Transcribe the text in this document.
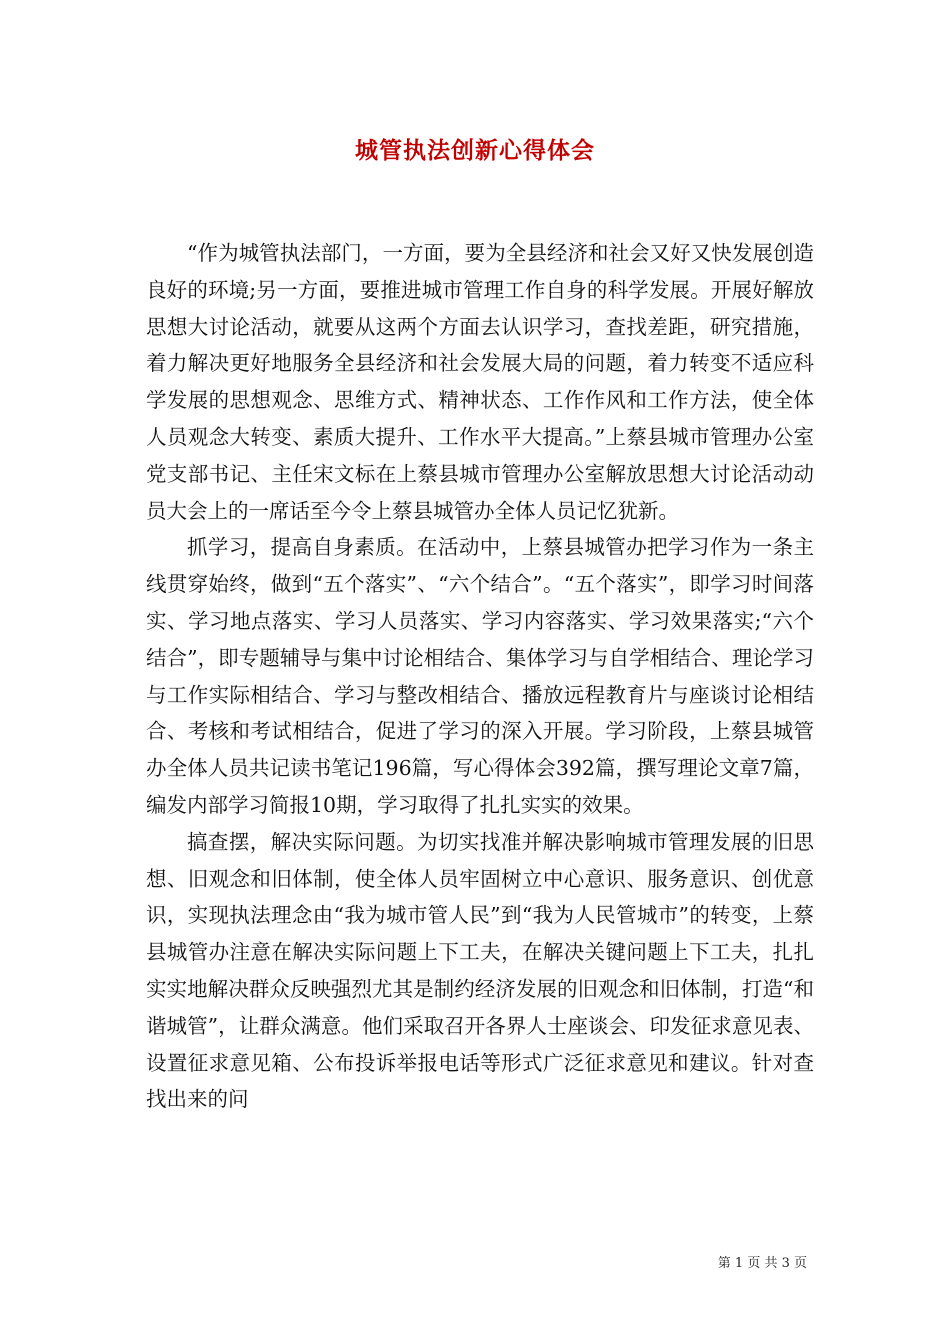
城管执法创新心得体会

“作为城管执法部门，一方面，要为全县经济和社会又好又快发展创造良好的环境;另一方面，要推进城市管理工作自身的科学发展。开展好解放思想大讨论活动，就要从这两个方面去认识学习，查找差距，研究措施，着力解决更好地服务全县经济和社会发展大局的问题，着力转变不适应科学发展的思想观念、思维方式、精神状态、工作作风和工作方法，使全体人员观念大转变、素质大提升、工作水平大提高。”上蔡县城市管理办公室党支部书记、主任宋文标在上蔡县城市管理办公室解放思想大讨论活动动员大会上的一席话至今令上蔡县城管办全体人员记忆犹新。

抓学习，提高自身素质。在活动中，上蔡县城管办把学习作为一条主线贯穿始终，做到“五个落实”、“六个结合”。“五个落实”，即学习时间落实、学习地点落实、学习人员落实、学习内容落实、学习效果落实;“六个结合”，即专题辅导与集中讨论相结合、集体学习与自学相结合、理论学习与工作实际相结合、学习与整改相结合、播放远程教育片与座谈讨论相结合、考核和考试相结合，促进了学习的深入开展。学习阶段，上蔡县城管办全体人员共记读书笔记196篇，写心得体会392篇，撰写理论文章7篇，编发内部学习简报10期，学习取得了扎扎实实的效果。

搞查摆，解决实际问题。为切实找准并解决影响城市管理发展的旧思想、旧观念和旧体制，使全体人员牢固树立中心意识、服务意识、创优意识，实现执法理念由“我为城市管人民”到“我为人民管城市”的转变，上蔡县城管办注意在解决实际问题上下工夫，在解决关键问题上下工夫，扎扎实实地解决群众反映强烈尤其是制约经济发展的旧观念和旧体制，打造“和谐城管”，让群众满意。他们采取召开各界人士座谈会、印发征求意见表、设置征求意见箱、公布投诉举报电话等形式广泛征求意见和建议。针对查找出来的问

第 1 页 共 3 页
